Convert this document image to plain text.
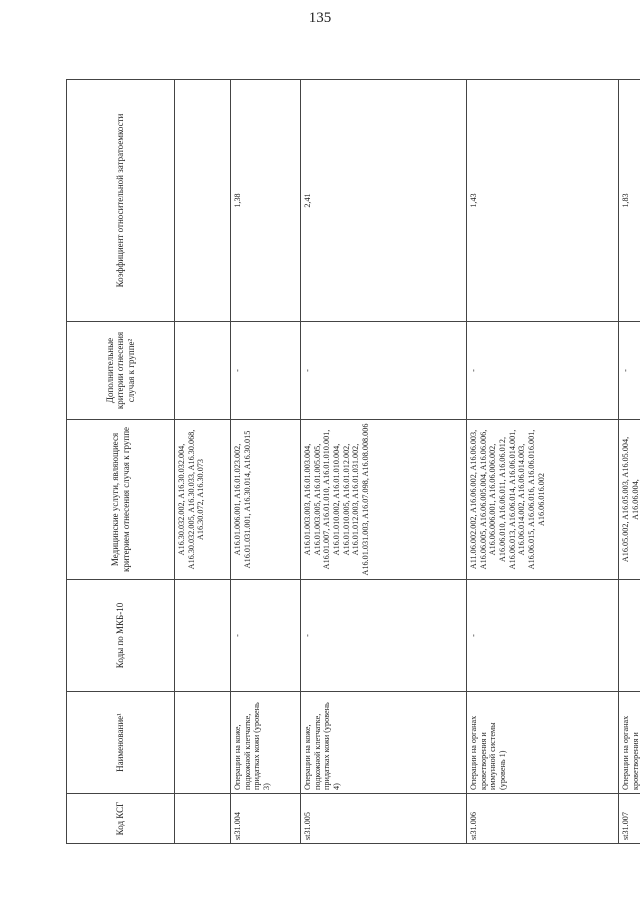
135
Код КСГ	Наименование¹	Коды по МКБ-10	Медицинские услуги, являющиеся критерием отнесения случая к группе	Дополнительные критерии отнесения случая к группе²	Коэффициент относительной затратоемкости
			A16.30.032.002, A16.30.032.004, A16.30.032.005, A16.30.033, A16.30.068, A16.30.072, A16.30.073		
st31.004	Операции на коже, подкожной клетчатке, придатках кожи (уровень 3)	-	A16.01.006.001, A16.01.023.002, A16.01.031.001, A16.30.014, A16.30.015	-	1,38
st31.005	Операции на коже, подкожной клетчатке, придатках кожи (уровень 4)	-	A16.01.003.003, A16.01.003.004, A16.01.003.005, A16.01.005.005, A16.01.007, A16.01.010, A16.01.010.001, A16.01.010.002, A16.01.010.004, A16.01.010.005, A16.01.012.002, A16.01.012.003, A16.01.031.002, A16.01.031.003, A16.07.098, A16.08.008.006	-	2,41
st31.006	Операции на органах кроветворения и иммунной системы (уровень 1)	-	A11.06.002.002, A16.06.002, A16.06.003, A16.06.005, A16.06.005.004, A16.06.006, A16.06.006.001, A16.06.006.002, A16.06.010, A16.06.011, A16.06.012, A16.06.013, A16.06.014, A16.06.014.001, A16.06.014.002, A16.06.014.003, A16.06.015, A16.06.016, A16.06.016.001, A16.06.016.002	-	1,43
st31.007	Операции на органах кроветворения и		A16.05.002, A16.05.003, A16.05.004, A16.06.004,	-	1,83
